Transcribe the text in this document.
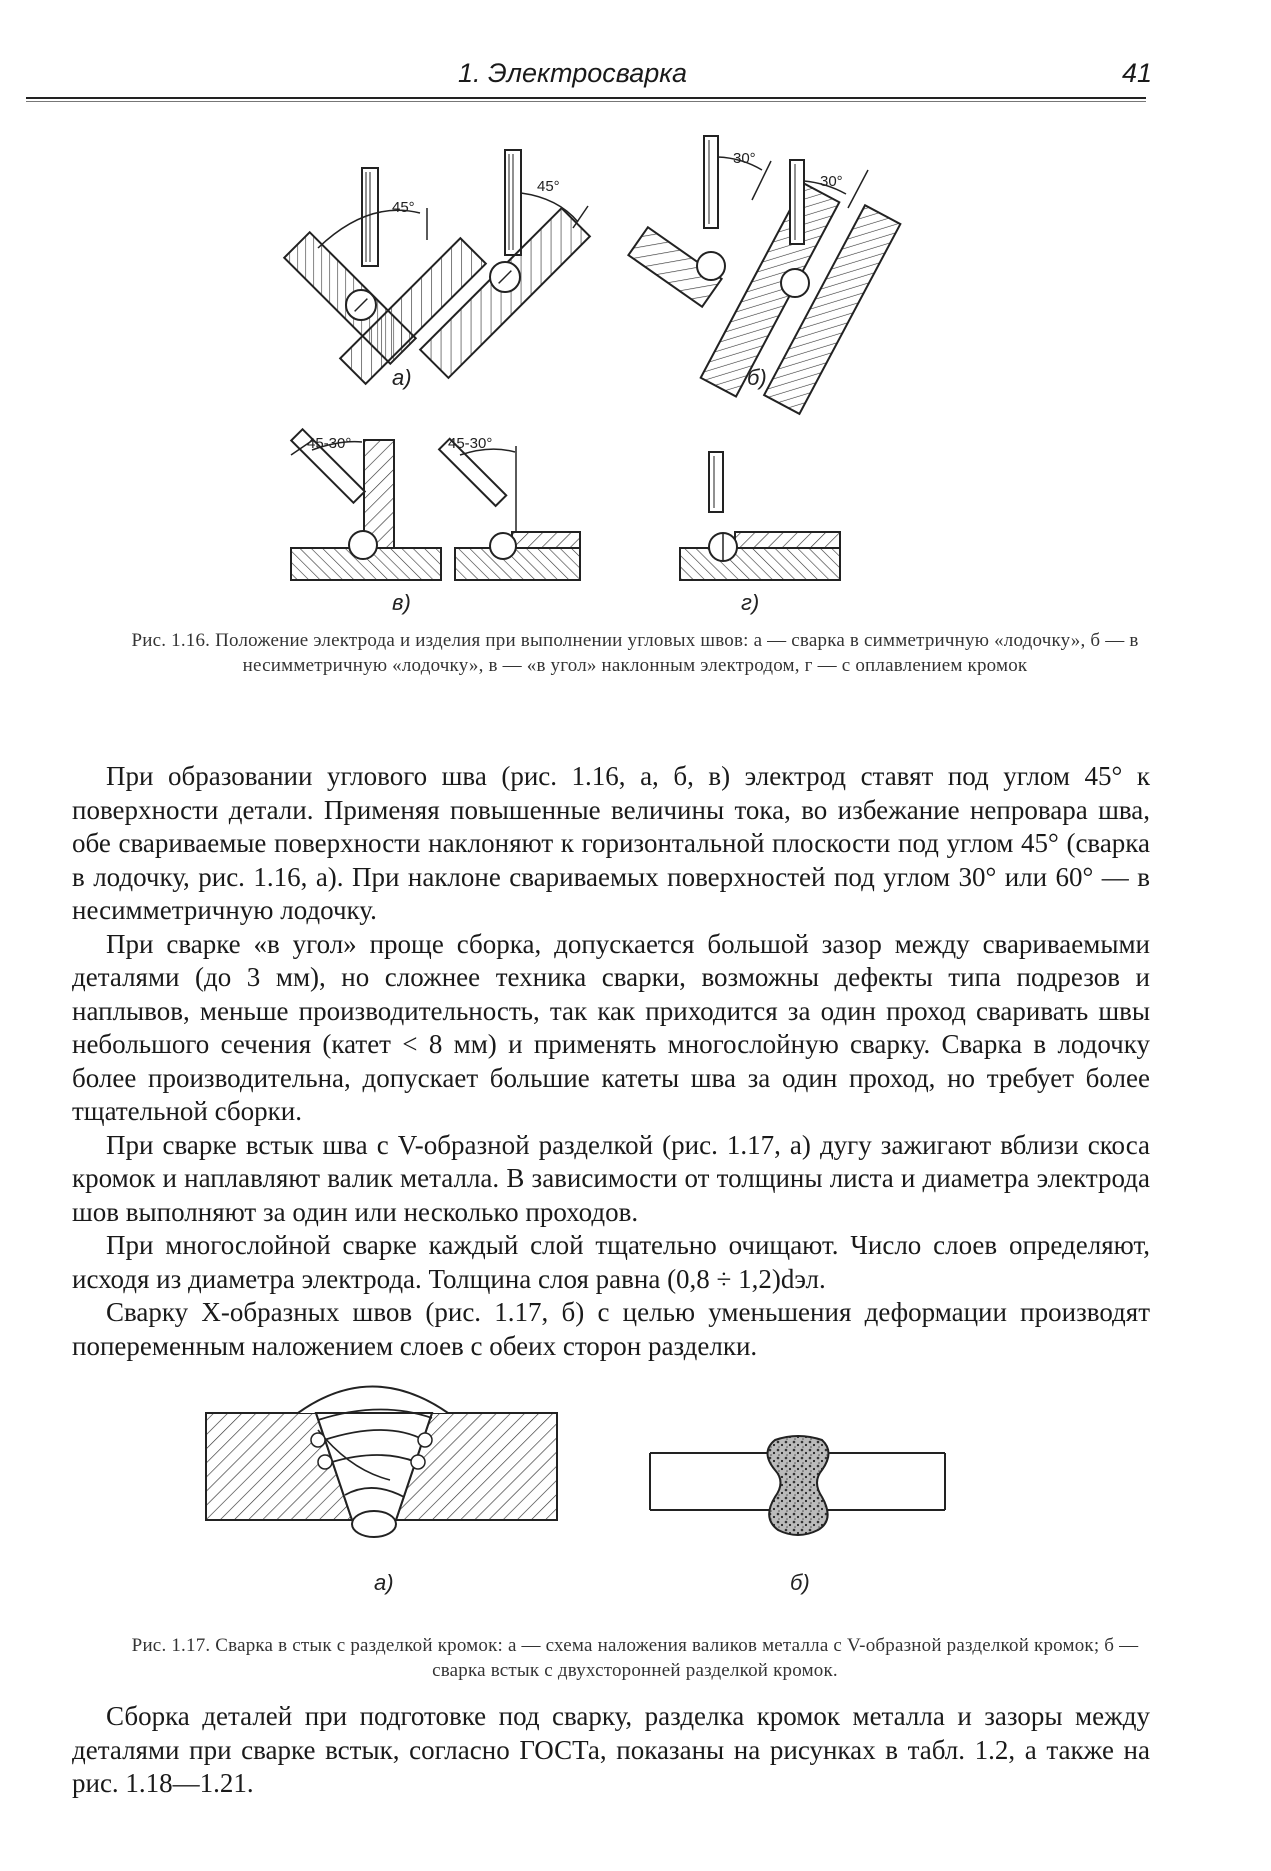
1. Электросварка	41
45°
45°
а)
30°
30°
б)
45-30°	45-30°
в)	г)
а)	б)
Рис. 1.16. Положение электрода и изделия при выполнении угловых швов: а — сварка в симметричную «лодочку», б — в несимметричную «лодочку», в — «в угол» наклонным электродом, г — с оплавлением кромок

При образовании углового шва (рис. 1.16, а, б, в) электрод ставят под углом 45° к поверхности детали. Применяя повышенные величины тока, во избежание непровара шва, обе свариваемые поверхности наклоняют к горизонтальной плоскости под углом 45° (сварка в лодочку, рис. 1.16, а). При наклоне свариваемых поверхностей под углом 30° или 60° — в несимметричную лодочку.

При сварке «в угол» проще сборка, допускается большой зазор между свариваемыми деталями (до 3 мм), но сложнее техника сварки, возможны дефекты типа подрезов и наплывов, меньше производительность, так как приходится за один проход сваривать швы небольшого сечения (катет < 8 мм) и применять многослойную сварку. Сварка в лодочку более производительна, допускает большие катеты шва за один проход, но требует более тщательной сборки.

При сварке встык шва с V-образной разделкой (рис. 1.17, а) дугу зажигают вблизи скоса кромок и наплавляют валик металла. В зависимости от толщины листа и диаметра электрода шов выполняют за один или несколько проходов.

При многослойной сварке каждый слой тщательно очищают. Число слоев определяют, исходя из диаметра электрода. Толщина слоя равна (0,8 ÷ 1,2)dэл.

Сварку Х-образных швов (рис. 1.17, б) с целью уменьшения деформации производят попеременным наложением слоев с обеих сторон разделки.

Рис. 1.17. Сварка в стык с разделкой кромок: а — схема наложения валиков металла с V-образной разделкой кромок; б — сварка встык с двухсторонней разделкой кромок.

Сборка деталей при подготовке под сварку, разделка кромок металла и зазоры между деталями при сварке встык, согласно ГОСТа, показаны на рисунках в табл. 1.2, а также на рис. 1.18—1.21.
